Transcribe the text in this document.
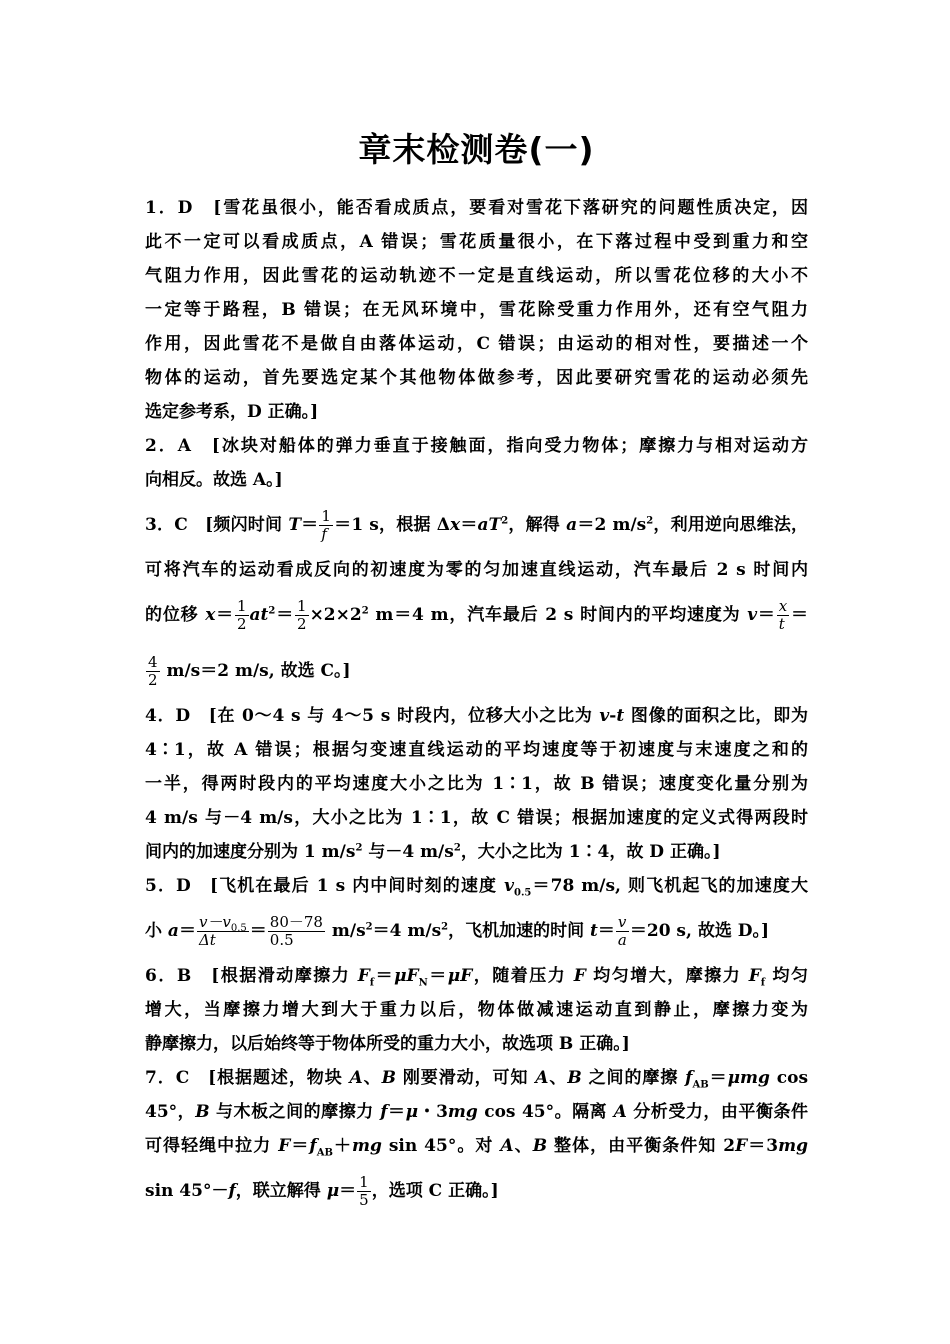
章末检测卷(一)
1．D　[雪花虽很小，能否看成质点，要看对雪花下落研究的问题性质决定，因
此不一定可以看成质点，A 错误；雪花质量很小，在下落过程中受到重力和空
气阻力作用，因此雪花的运动轨迹不一定是直线运动，所以雪花位移的大小不
一定等于路程，B 错误；在无风环境中，雪花除受重力作用外，还有空气阻力
作用，因此雪花不是做自由落体运动，C 错误；由运动的相对性，要描述一个
物体的运动，首先要选定某个其他物体做参考，因此要研究雪花的运动必须先
选定参考系，D 正确。]
2．A　[冰块对船体的弹力垂直于接触面，指向受力物体；摩擦力与相对运动方
向相反。故选 A。]
3．C　[频闪时间 $T= \frac{1}{f} =1$ s，根据 $\Delta x=aT^2$，解得 a＝2 $m/s^2$，利用逆向思维法，
可将汽车的运动看成反向的初速度为零的匀加速直线运动，汽车最后 2 s 时间内
的位移 $x= \frac{1}{2} at^2= \frac{1}{2} \times 2\times 2^2$ m＝4 m，汽车最后 2 s 时间内的平均速度为 $v= \frac{x}{t}$ ＝
$\frac{4}{2} m/s=2$ m/s, 故选 C。]
4．D　[在 0～4 s 与 4～5 s 时段内，位移大小之比为 v-t 图像的面积之比，即为
4∶1，故 A 错误；根据匀变速直线运动的平均速度等于初速度与末速度之和的
一半，得两时段内的平均速度大小之比为 1∶1，故 B 错误；速度变化量分别为
4 m/s 与－4 m/s，大小之比为 1∶1，故 C 错误；根据加速度的定义式得两段时
间内的加速度分别为 1 $m/s^2$ 与－4 $m/s^2$，大小之比为 1∶4，故 D 正确。]
5．D　[飞机在最后 1 s 内中间时刻的速度 $v_{0.5}=78$ m/s, 则飞机起飞的加速度大
小 $a= \frac{v-v_{0.5}}{\Delta t} = \frac{80-78}{0.5} m/s^2=4$ $m/s^2$，飞机加速的时间 $t= \frac{v}{a} =20$ s, 故选 D。]
6．B　[根据滑动摩擦力 $F_f=\mu F_N=\mu F$，随着压力 F 均匀增大，摩擦力 $F_f$ 均匀
增大，当摩擦力增大到大于重力以后，物体做减速运动直到静止，摩擦力变为
静摩擦力，以后始终等于物体所受的重力大小，故选项 B 正确。]
7．C　[根据题述，物块 A、B 刚要滑动，可知 A、B 之间的摩擦 $f_{AB}=\mu mg$ cos
45°，B 与木板之间的摩擦力 f＝μ・3mg cos 45°。隔离 A 分析受力，由平衡条件
可得轻绳中拉力 $F=f_{AB}+mg$ sin 45°。对 A、B 整体，由平衡条件知 2F＝3mg
sin 45°－f，联立解得 $\mu= \frac{1}{5}$ ，选项 C 正确。]
